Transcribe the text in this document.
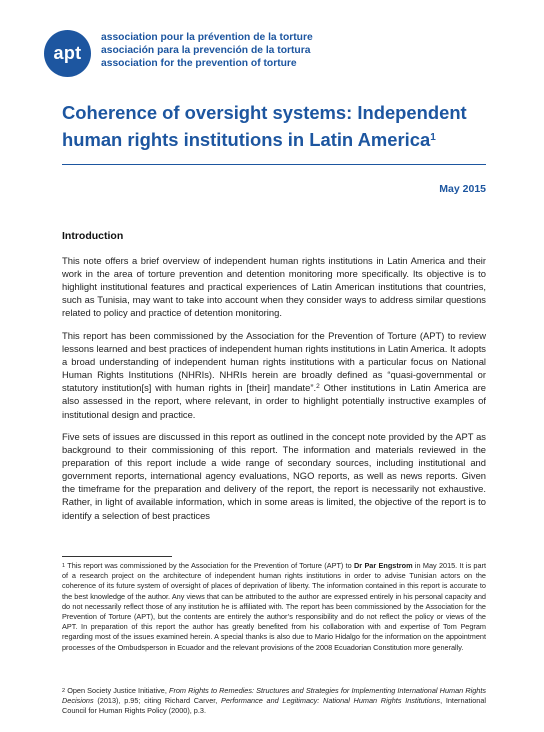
apt
association pour la prévention de la torture
asociación para la prevención de la tortura
association for the prevention of torture
Coherence of oversight systems: Independent human rights institutions in Latin America$^1$
May 2015
Introduction
This note offers a brief overview of independent human rights institutions in Latin America and their work in the area of torture prevention and detention monitoring more specifically. Its objective is to highlight institutional features and practical experiences of Latin American institutions that countries, such as Tunisia, may want to take into account when they consider ways to address similar questions related to policy and practice of detention monitoring.
This report has been commissioned by the Association for the Prevention of Torture (APT) to review lessons learned and best practices of independent human rights institutions in Latin America. It adopts a broad understanding of independent human rights institutions with a particular focus on National Human Rights Institutions (NHRIs). NHRIs herein are broadly defined as “quasi-governmental or statutory institution[s] with human rights in [their] mandate”.$^2$ Other institutions in Latin America are also assessed in the report, where relevant, in order to highlight potentially instructive examples of institutional design and practice.
Five sets of issues are discussed in this report as outlined in the concept note provided by the APT as background to their commissioning of this report. The information and materials reviewed in the preparation of this report include a wide range of secondary sources, including institutional and government reports, international agency evaluations, NGO reports, as well as news reports. Given the timeframe for the preparation and delivery of the report, the report is necessarily not exhaustive. Rather, in light of available information, which in some areas is limited, the objective of the report is to identify a selection of best practices
$^1$ This report was commissioned by the Association for the Prevention of Torture (APT) to Dr Par Engstrom in May 2015. It is part of a research project on the architecture of independent human rights institutions in order to advise Tunisian actors on the coherence of its future system of oversight of places of deprivation of liberty. The information contained in this report is accurate to the best knowledge of the author. Any views that can be attributed to the author are expressed entirely in his personal capacity and do not necessarily reflect those of any institution he is affiliated with. The report has been commissioned by the Association for the Prevention of Torture (APT), but the contents are entirely the author’s responsibility and do not reflect the policy or views of the APT. In preparation of this report the author has greatly benefited from his collaboration with and expertise of Tom Pegram regarding most of the issues examined herein. A special thanks is also due to Mario Hidalgo for the information on the appointment processes of the Ombudsperson in Ecuador and the relevant provisions of the 2008 Ecuadorian Constitution more generally.
$^2$ Open Society Justice Initiative, From Rights to Remedies: Structures and Strategies for Implementing International Human Rights Decisions (2013), p.95; citing Richard Carver, Performance and Legitimacy: National Human Rights Institutions, International Council for Human Rights Policy (2000), p.3.
